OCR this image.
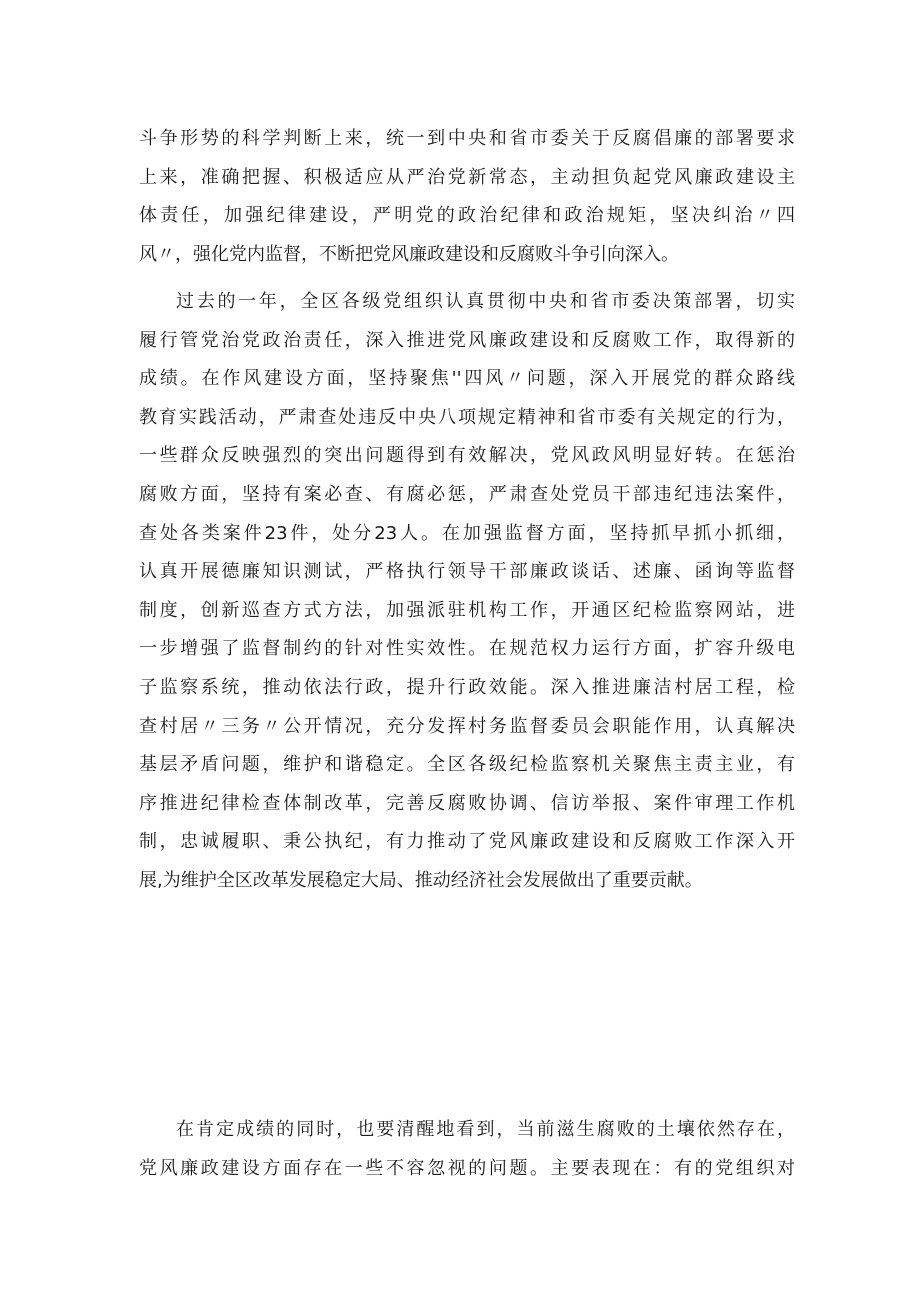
斗争形势的科学判断上来，统一到中央和省市委关于反腐倡廉的部署要求
上来，准确把握、积极适应从严治党新常态，主动担负起党风廉政建设主
体责任，加强纪律建设，严明党的政治纪律和政治规矩，坚决纠治〃四
风〃，强化党内监督，不断把党风廉政建设和反腐败斗争引向深入。
过去的一年，全区各级党组织认真贯彻中央和省市委决策部署，切实
履行管党治党政治责任，深入推进党风廉政建设和反腐败工作，取得新的
成绩。在作风建设方面，坚持聚焦''四风〃问题，深入开展党的群众路线
教育实践活动，严肃查处违反中央八项规定精神和省市委有关规定的行为，
一些群众反映强烈的突出问题得到有效解决，党风政风明显好转。在惩治
腐败方面，坚持有案必查、有腐必惩，严肃查处党员干部违纪违法案件，
查处各类案件23件，处分23人。在加强监督方面，坚持抓早抓小抓细，
认真开展德廉知识测试，严格执行领导干部廉政谈话、述廉、函询等监督
制度，创新巡查方式方法，加强派驻机构工作，开通区纪检监察网站，进
一步增强了监督制约的针对性实效性。在规范权力运行方面，扩容升级电
子监察系统，推动依法行政，提升行政效能。深入推进廉洁村居工程，检
查村居〃三务〃公开情况，充分发挥村务监督委员会职能作用，认真解决
基层矛盾问题，维护和谐稳定。全区各级纪检监察机关聚焦主责主业，有
序推进纪律检查体制改革，完善反腐败协调、信访举报、案件审理工作机
制，忠诚履职、秉公执纪，有力推动了党风廉政建设和反腐败工作深入开
展,为维护全区改革发展稳定大局、推动经济社会发展做出了重要贡献。
在肯定成绩的同时，也要清醒地看到，当前滋生腐败的土壤依然存在，
党风廉政建设方面存在一些不容忽视的问题。主要表现在：有的党组织对
